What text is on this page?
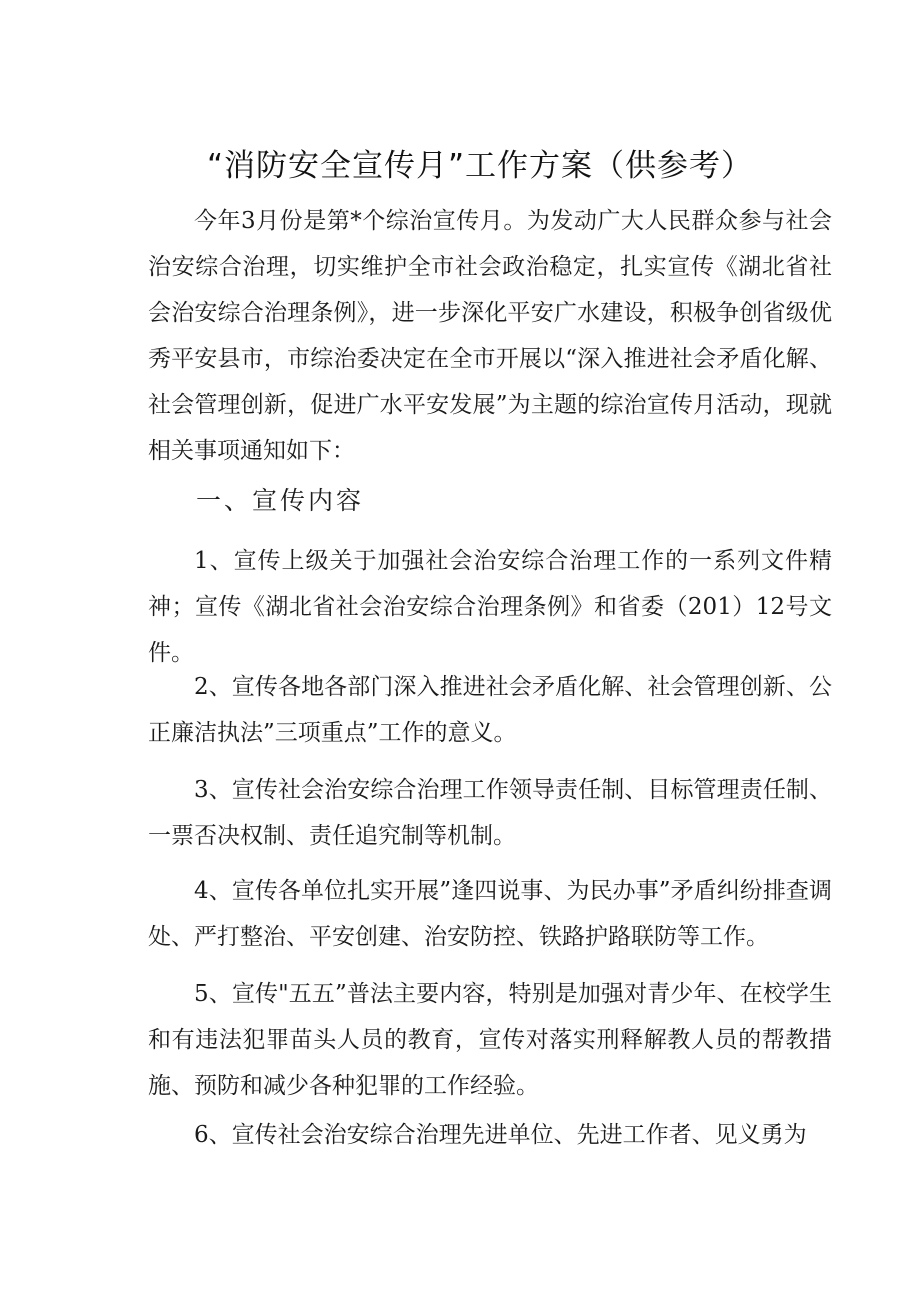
“消防安全宣传月”工作方案（供参考）

今年3月份是第*个综治宣传月。为发动广大人民群众参与社会治安综合治理，切实维护全市社会政治稳定，扎实宣传《湖北省社会治安综合治理条例》，进一步深化平安广水建设，积极争创省级优秀平安县市，市综治委决定在全市开展以“深入推进社会矛盾化解、社会管理创新，促进广水平安发展”为主题的综治宣传月活动，现就相关事项通知如下：

一、宣传内容

1、宣传上级关于加强社会治安综合治理工作的一系列文件精神；宣传《湖北省社会治安综合治理条例》和省委（201）12号文件。

2、宣传各地各部门深入推进社会矛盾化解、社会管理创新、公正廉洁执法”三项重点”工作的意义。

3、宣传社会治安综合治理工作领导责任制、目标管理责任制、一票否决权制、责任追究制等机制。

4、宣传各单位扎实开展”逢四说事、为民办事”矛盾纠纷排查调处、严打整治、平安创建、治安防控、铁路护路联防等工作。

5、宣传"五五”普法主要内容，特别是加强对青少年、在校学生和有违法犯罪苗头人员的教育，宣传对落实刑释解教人员的帮教措施、预防和减少各种犯罪的工作经验。

6、宣传社会治安综合治理先进单位、先进工作者、见义勇为
